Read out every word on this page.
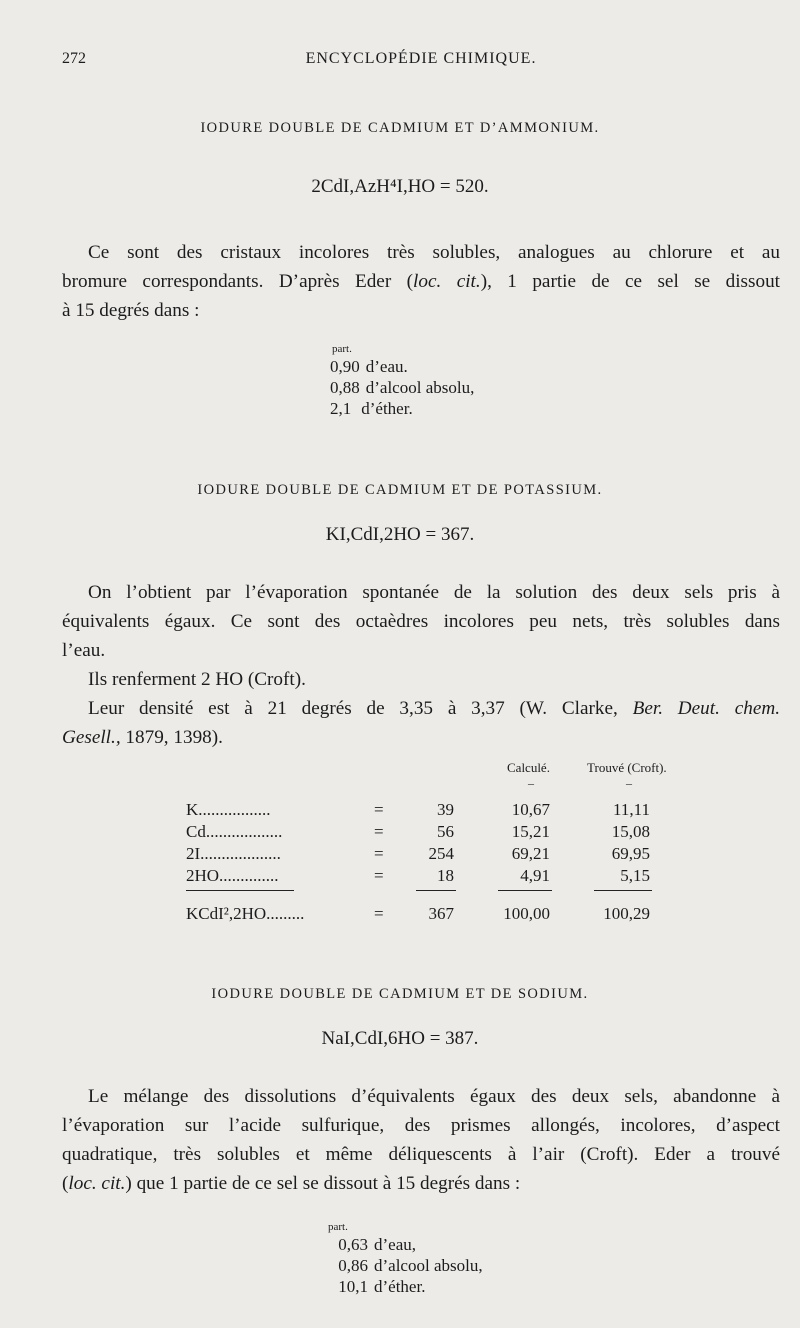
272	ENCYCLOPÉDIE CHIMIQUE.
IODURE DOUBLE DE CADMIUM ET D’AMMONIUM.
2CdI,AzH⁴I,HO = 520.
Ce sont des cristaux incolores très solubles, analogues au chlorure et au
bromure correspondants. D’après Eder (loc. cit.), 1 partie de ce sel se dissout
à 15 degrés dans :
part.
0,90 d’eau.
0,88 d’alcool absolu,
2,1 d’éther.
IODURE DOUBLE DE CADMIUM ET DE POTASSIUM.
KI,CdI,2HO = 367.
On l’obtient par l’évaporation spontanée de la solution des deux sels pris à
équivalents égaux. Ce sont des octaèdres incolores peu nets, très solubles dans
l’eau.
Ils renferment 2 HO (Croft).
Leur densité est à 21 degrés de 3,35 à 3,37 (W. Clarke, Ber. Deut. chem.
Gesell., 1879, 1398).
Calculé.	Trouvé (Croft).
–	–
K.................	=	39	10,67	11,11
Cd..................	=	56	15,21	15,08
2I...................	=	254	69,21	69,95
2HO..............	=	18	4,91	5,15
KCdI²,2HO.........	=	367	100,00	100,29
IODURE DOUBLE DE CADMIUM ET DE SODIUM.
NaI,CdI,6HO = 387.
Le mélange des dissolutions d’équivalents égaux des deux sels, abandonne à
l’évaporation sur l’acide sulfurique, des prismes allongés, incolores, d’aspect
quadratique, très solubles et même déliquescents à l’air (Croft). Eder a trouvé
(loc. cit.) que 1 partie de ce sel se dissout à 15 degrés dans :
part.
0,63 d’eau,
0,86 d’alcool absolu,
10,1 d’éther.
